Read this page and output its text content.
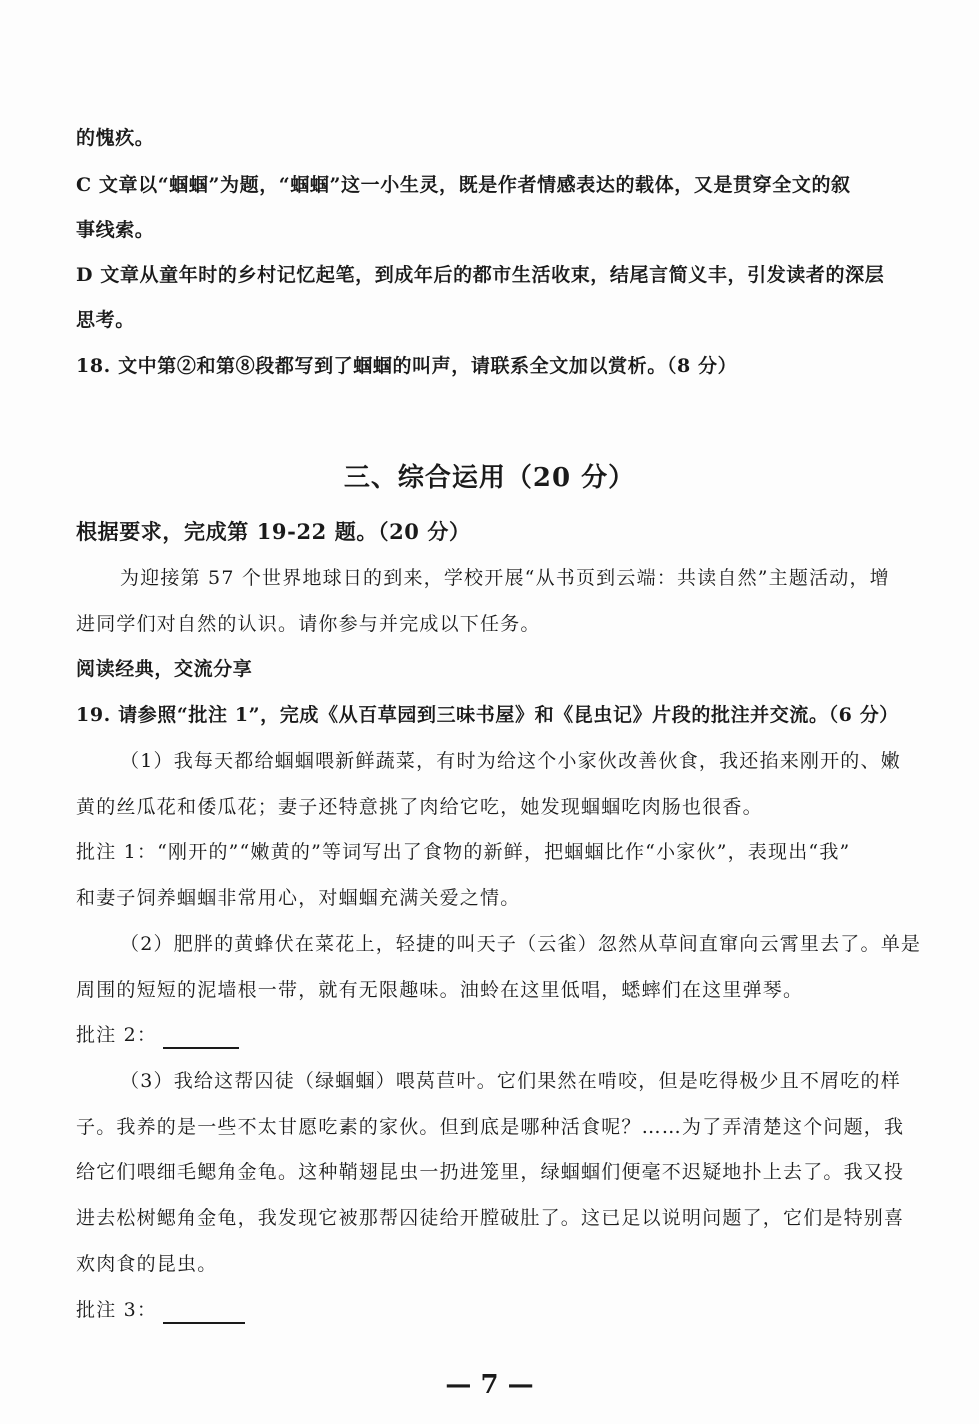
的愧疚。
C 文章以“蝈蝈”为题，“蝈蝈”这一小生灵，既是作者情感表达的载体，又是贯穿全文的叙
事线索。
D 文章从童年时的乡村记忆起笔，到成年后的都市生活收束，结尾言简义丰，引发读者的深层
思考。
18. 文中第②和第⑧段都写到了蝈蝈的叫声，请联系全文加以赏析。（8 分）
三、综合运用（20 分）
根据要求，完成第 19-22 题。（20 分）
为迎接第 57 个世界地球日的到来，学校开展“从书页到云端：共读自然”主题活动，增
进同学们对自然的认识。请你参与并完成以下任务。
阅读经典，交流分享
19. 请参照“批注 1”，完成《从百草园到三味书屋》和《昆虫记》片段的批注并交流。（6 分）
（1）我每天都给蝈蝈喂新鲜蔬菜，有时为给这个小家伙改善伙食，我还掐来刚开的、嫩
黄的丝瓜花和倭瓜花；妻子还特意挑了肉给它吃，她发现蝈蝈吃肉肠也很香。
批注 1：“刚开的”“嫩黄的”等词写出了食物的新鲜，把蝈蝈比作“小家伙”，表现出“我”
和妻子饲养蝈蝈非常用心，对蝈蝈充满关爱之情。
（2）肥胖的黄蜂伏在菜花上，轻捷的叫天子（云雀）忽然从草间直窜向云霄里去了。单是
周围的短短的泥墙根一带，就有无限趣味。油蛉在这里低唱，蟋蟀们在这里弹琴。
批注 2：
（3）我给这帮囚徒（绿蝈蝈）喂莴苣叶。它们果然在啃咬，但是吃得极少且不屑吃的样
子。我养的是一些不太甘愿吃素的家伙。但到底是哪种活食呢？……为了弄清楚这个问题，我
给它们喂细毛鳃角金龟。这种鞘翅昆虫一扔进笼里，绿蝈蝈们便毫不迟疑地扑上去了。我又投
进去松树鳃角金龟，我发现它被那帮囚徒给开膛破肚了。这已足以说明问题了，它们是特别喜
欢肉食的昆虫。
批注 3：
— 7 —
